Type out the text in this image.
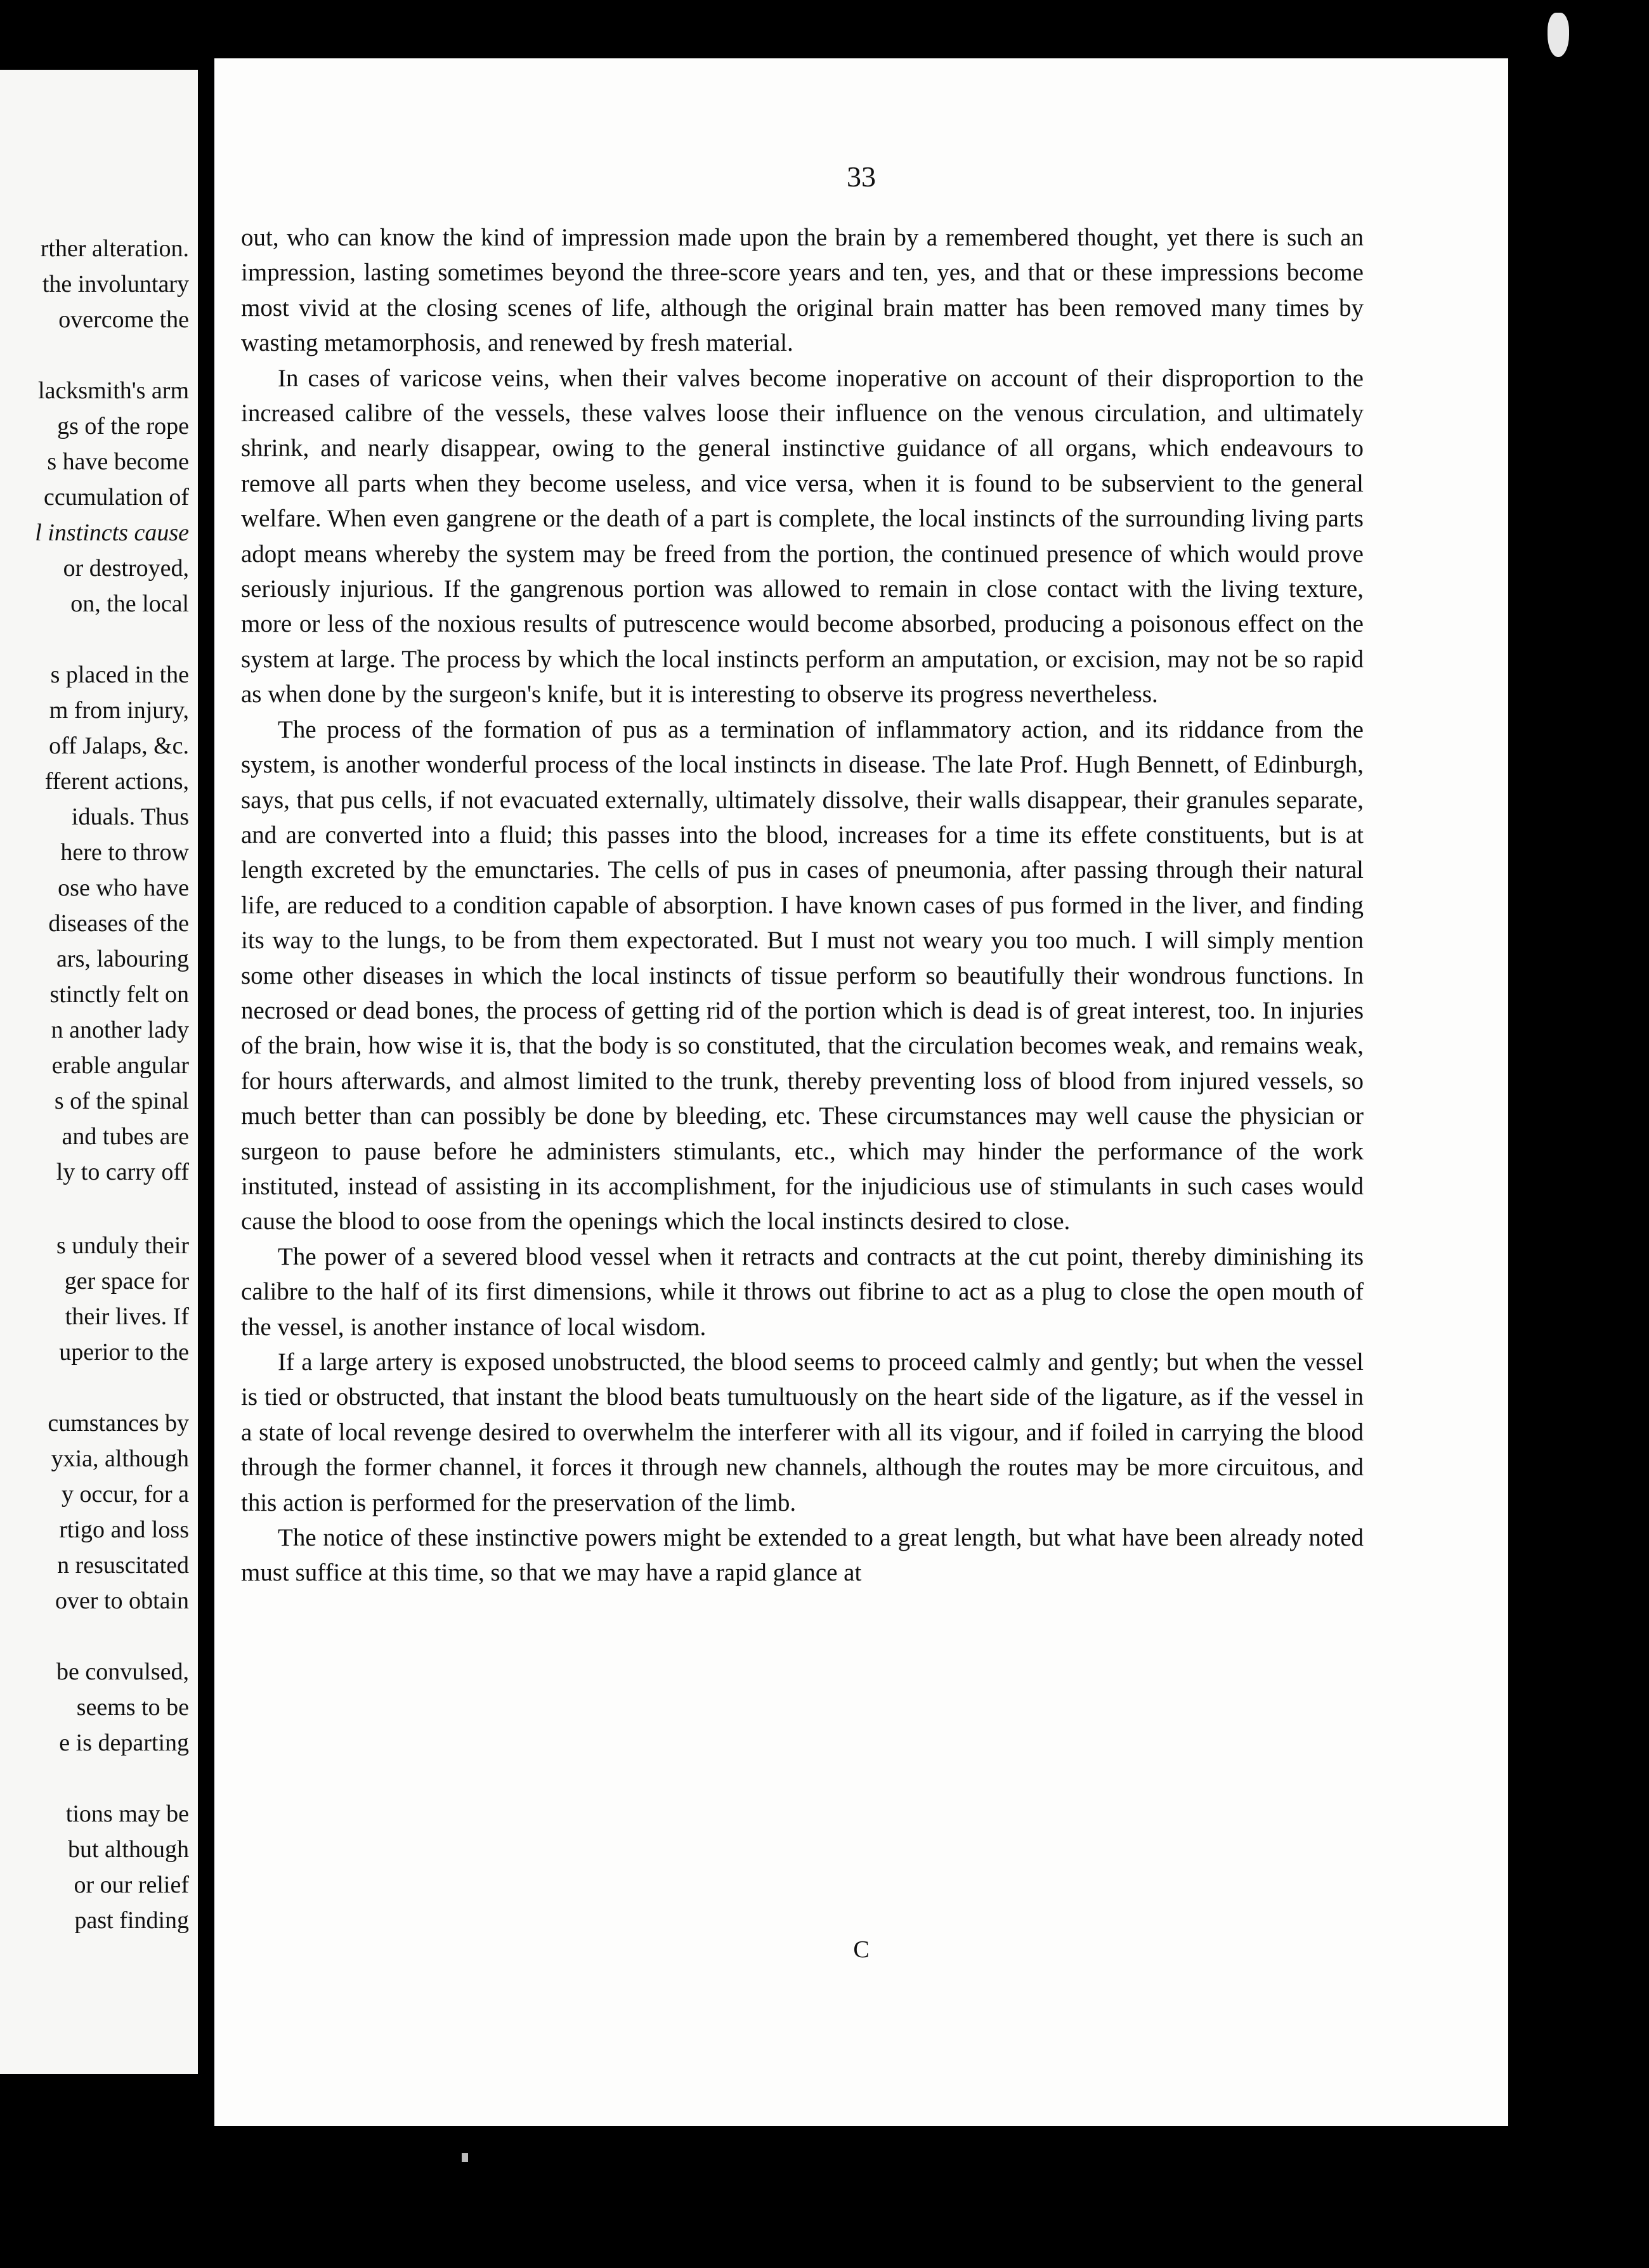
rther alteration.
the involuntary
overcome the
lacksmith's arm
gs of the rope
s have become
ccumulation of
l instincts cause
or destroyed,
on, the local
s placed in the
m from injury,
off Jalaps, &c.
fferent actions,
iduals. Thus
here to throw
ose who have
diseases of the
ars, labouring
stinctly felt on
n another lady
erable angular
s of the spinal
and tubes are
ly to carry off
s unduly their
ger space for
their lives. If
uperior to the
cumstances by
yxia, although
y occur, for a
rtigo and loss
n resuscitated
over to obtain
be convulsed,
seems to be
e is departing
tions may be
but although
or our relief
past finding
33

out, who can know the kind of impression made upon the brain by a remembered thought, yet there is such an impression, lasting sometimes beyond the three-score years and ten, yes, and that or these impressions become most vivid at the closing scenes of life, although the original brain matter has been removed many times by wasting metamorphosis, and renewed by fresh material.

In cases of varicose veins, when their valves become inoperative on account of their disproportion to the increased calibre of the vessels, these valves loose their influence on the venous circulation, and ultimately shrink, and nearly disappear, owing to the general instinctive guidance of all organs, which endeavours to remove all parts when they become useless, and vice versa, when it is found to be subservient to the general welfare. When even gangrene or the death of a part is complete, the local instincts of the surrounding living parts adopt means whereby the system may be freed from the portion, the continued presence of which would prove seriously injurious. If the gangrenous portion was allowed to remain in close contact with the living texture, more or less of the noxious results of putrescence would become absorbed, producing a poisonous effect on the system at large. The process by which the local instincts perform an amputation, or excision, may not be so rapid as when done by the surgeon's knife, but it is interesting to observe its progress nevertheless.

The process of the formation of pus as a termination of inflammatory action, and its riddance from the system, is another wonderful process of the local instincts in disease. The late Prof. Hugh Bennett, of Edinburgh, says, that pus cells, if not evacuated externally, ultimately dissolve, their walls disappear, their granules separate, and are converted into a fluid; this passes into the blood, increases for a time its effete constituents, but is at length excreted by the emunctaries. The cells of pus in cases of pneumonia, after passing through their natural life, are reduced to a condition capable of absorption. I have known cases of pus formed in the liver, and finding its way to the lungs, to be from them expectorated. But I must not weary you too much. I will simply mention some other diseases in which the local instincts of tissue perform so beautifully their wondrous functions. In necrosed or dead bones, the process of getting rid of the portion which is dead is of great interest, too. In injuries of the brain, how wise it is, that the body is so constituted, that the circulation becomes weak, and remains weak, for hours afterwards, and almost limited to the trunk, thereby preventing loss of blood from injured vessels, so much better than can possibly be done by bleeding, etc. These circumstances may well cause the physician or surgeon to pause before he administers stimulants, etc., which may hinder the performance of the work instituted, instead of assisting in its accomplishment, for the injudicious use of stimulants in such cases would cause the blood to oose from the openings which the local instincts desired to close.

The power of a severed blood vessel when it retracts and contracts at the cut point, thereby diminishing its calibre to the half of its first dimensions, while it throws out fibrine to act as a plug to close the open mouth of the vessel, is another instance of local wisdom.

If a large artery is exposed unobstructed, the blood seems to proceed calmly and gently; but when the vessel is tied or obstructed, that instant the blood beats tumultuously on the heart side of the ligature, as if the vessel in a state of local revenge desired to overwhelm the interferer with all its vigour, and if foiled in carrying the blood through the former channel, it forces it through new channels, although the routes may be more circuitous, and this action is performed for the preservation of the limb.

The notice of these instinctive powers might be extended to a great length, but what have been already noted must suffice at this time, so that we may have a rapid glance at

C
